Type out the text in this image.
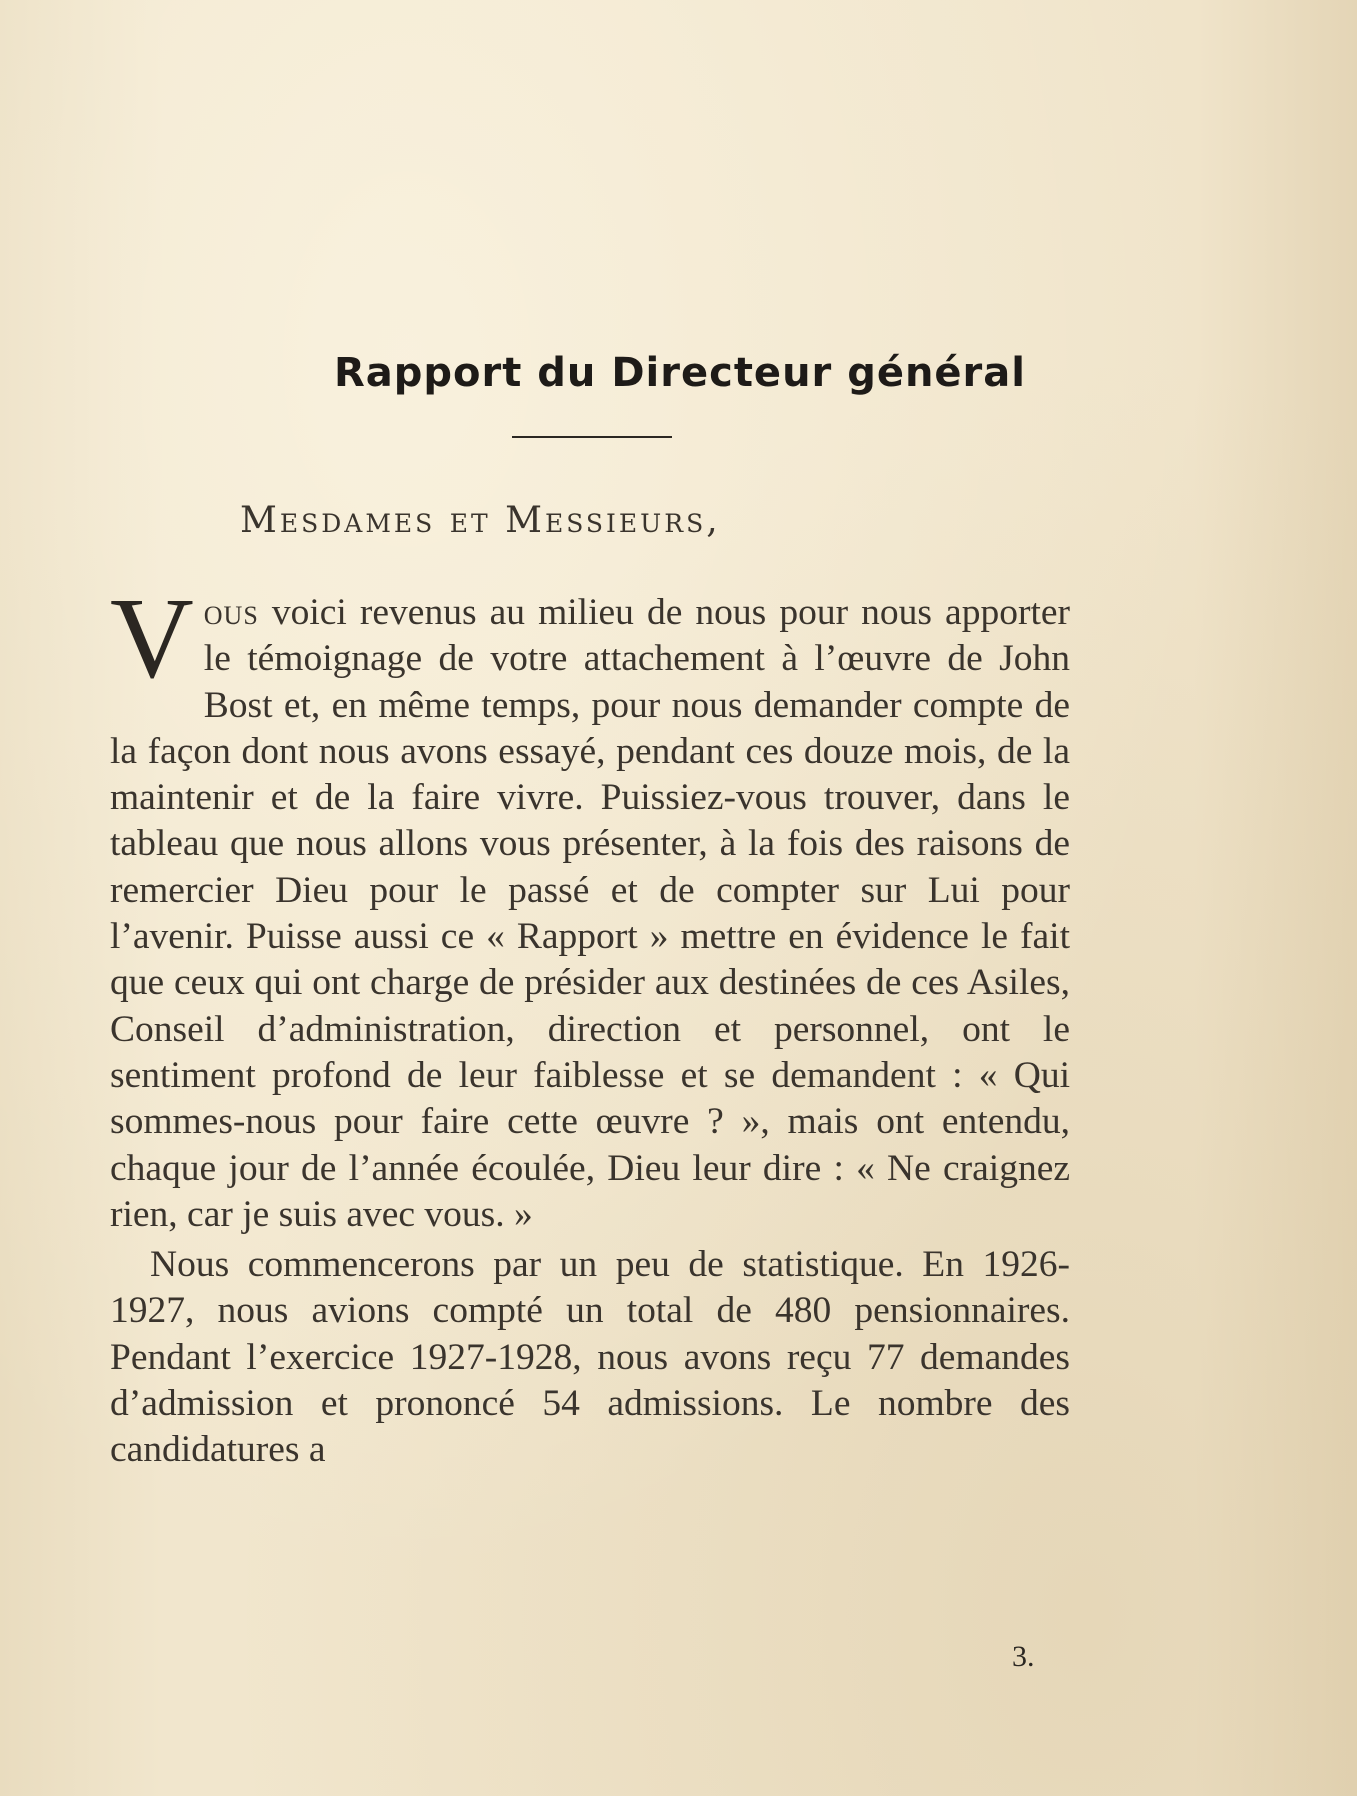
Rapport du Directeur général
Mesdames et Messieurs,

Vous voici revenus au milieu de nous pour nous apporter le témoignage de votre attachement à l’œuvre de John Bost et, en même temps, pour nous demander compte de la façon dont nous avons essayé, pendant ces douze mois, de la maintenir et de la faire vivre. Puissiez-vous trouver, dans le tableau que nous allons vous présenter, à la fois des raisons de remercier Dieu pour le passé et de compter sur Lui pour l’avenir. Puisse aussi ce « Rapport » mettre en évidence le fait que ceux qui ont charge de présider aux destinées de ces Asiles, Conseil d’administration, direction et personnel, ont le sentiment profond de leur faiblesse et se demandent : « Qui sommes-nous pour faire cette œuvre ? », mais ont entendu, chaque jour de l’année écoulée, Dieu leur dire : « Ne craignez rien, car je suis avec vous. »

Nous commencerons par un peu de statistique. En 1926-1927, nous avions compté un total de 480 pensionnaires. Pendant l’exercice 1927-1928, nous avons reçu 77 demandes d’admission et prononcé 54 admissions. Le nombre des candidatures a

3.
